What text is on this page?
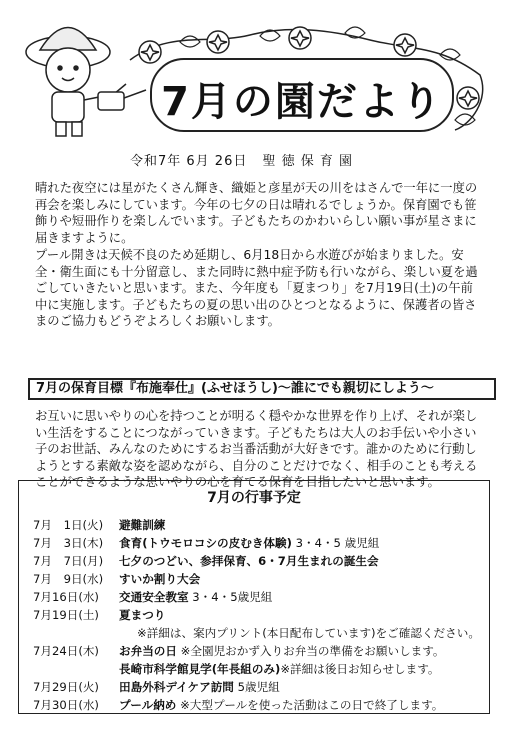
7月の園だより
令和7年 6月 26日 聖 徳 保 育 園
晴れた夜空には星がたくさん輝き、織姫と彦星が天の川をはさんで一年に一度の再会を楽しみにしています。今年の七夕の日は晴れるでしょうか。保育園でも笹飾りや短冊作りを楽しんでいます。子どもたちのかわいらしい願い事が星さまに届きますように。
プール開きは天候不良のため延期し、6月18日から水遊びが始まりました。安全・衛生面にも十分留意し、また同時に熱中症予防も行いながら、楽しい夏を過ごしていきたいと思います。また、今年度も「夏まつり」を7月19日(土)の午前中に実施します。子どもたちの夏の思い出のひとつとなるように、保護者の皆さまのご協力もどうぞよろしくお願いします。
7月の保育目標『布施奉仕』(ふせほうし)～誰にでも親切にしよう～
お互いに思いやりの心を持つことが明るく穏やかな世界を作り上げ、それが楽しい生活をすることにつながっていきます。子どもたちは大人のお手伝いや小さい子のお世話、みんなのためにするお当番活動が大好きです。誰かのために行動しようとする素敵な姿を認めながら、自分のことだけでなく、相手のことも考えることができるような思いやりの心を育てる保育を目指したいと思います。
7月の行事予定
7月　1日(火) 避難訓練
7月　3日(木) 食育(トウモロコシの皮むき体験) 3・4・5 歳児組
7月　7日(月) 七夕のつどい、参拝保育、6・7月生まれの誕生会
7月　9日(水) すいか割り大会
7月16日(水) 交通安全教室 3・4・5歳児組
7月19日(土) 夏まつり
※詳細は、案内プリント(本日配布しています)をご確認ください。
7月24日(木) お弁当の日 ※全園児おかず入りお弁当の準備をお願いします。
長崎市科学館見学(年長組のみ)※詳細は後日お知らせします。
7月29日(火) 田島外科デイケア訪問 5歳児組
7月30日(水) プール納め ※大型プールを使った活動はこの日で終了します。
